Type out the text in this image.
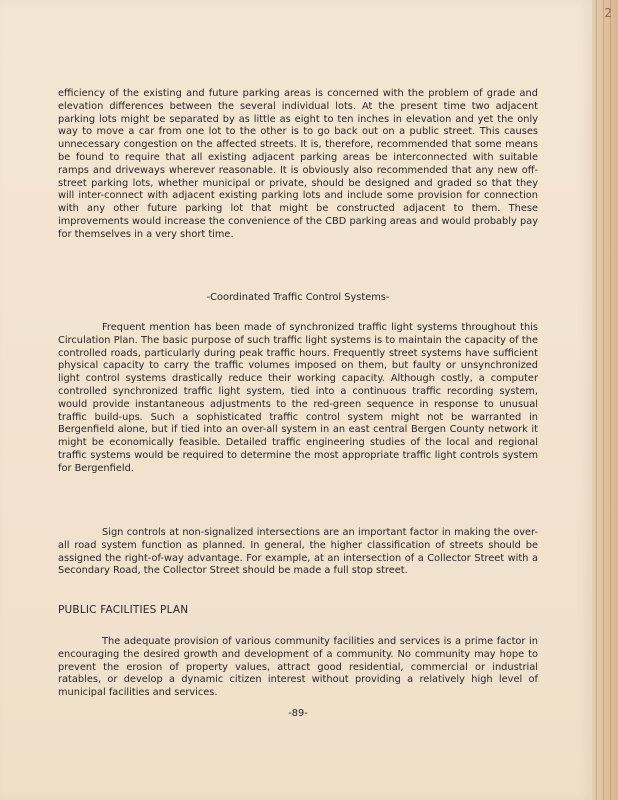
efficiency of the existing and future parking areas is concerned with the problem of grade and elevation differences between the several individual lots. At the present time two adjacent parking lots might be separated by as little as eight to ten inches in elevation and yet the only way to move a car from one lot to the other is to go back out on a public street. This causes unnecessary congestion on the affected streets. It is, therefore, recommended that some means be found to require that all existing adjacent parking areas be interconnected with suitable ramps and driveways wherever reasonable. It is obviously also recommended that any new off-street parking lots, whether municipal or private, should be designed and graded so that they will inter-connect with adjacent existing parking lots and include some provision for connection with any other future parking lot that might be constructed adjacent to them. These improvements would increase the convenience of the CBD parking areas and would probably pay for themselves in a very short time.

-Coordinated Traffic Control Systems-

Frequent mention has been made of synchronized traffic light systems throughout this Circulation Plan. The basic purpose of such traffic light systems is to maintain the capacity of the controlled roads, particularly during peak traffic hours. Frequently street systems have sufficient physical capacity to carry the traffic volumes imposed on them, but faulty or unsynchronized light control systems drastically reduce their working capacity. Although costly, a computer controlled synchronized traffic light system, tied into a continuous traffic recording system, would provide instantaneous adjustments to the red-green sequence in response to unusual traffic build-ups. Such a sophisticated traffic control system might not be warranted in Bergenfield alone, but if tied into an over-all system in an east central Bergen County network it might be economically feasible. Detailed traffic engineering studies of the local and regional traffic systems would be required to determine the most appropriate traffic light controls system for Bergenfield.

Sign controls at non-signalized intersections are an important factor in making the over-all road system function as planned. In general, the higher classification of streets should be assigned the right-of-way advantage. For example, at an intersection of a Collector Street with a Secondary Road, the Collector Street should be made a full stop street.

PUBLIC FACILITIES PLAN

The adequate provision of various community facilities and services is a prime factor in encouraging the desired growth and development of a community. No community may hope to prevent the erosion of property values, attract good residential, commercial or industrial ratables, or develop a dynamic citizen interest without providing a relatively high level of municipal facilities and services.

-89-

2
